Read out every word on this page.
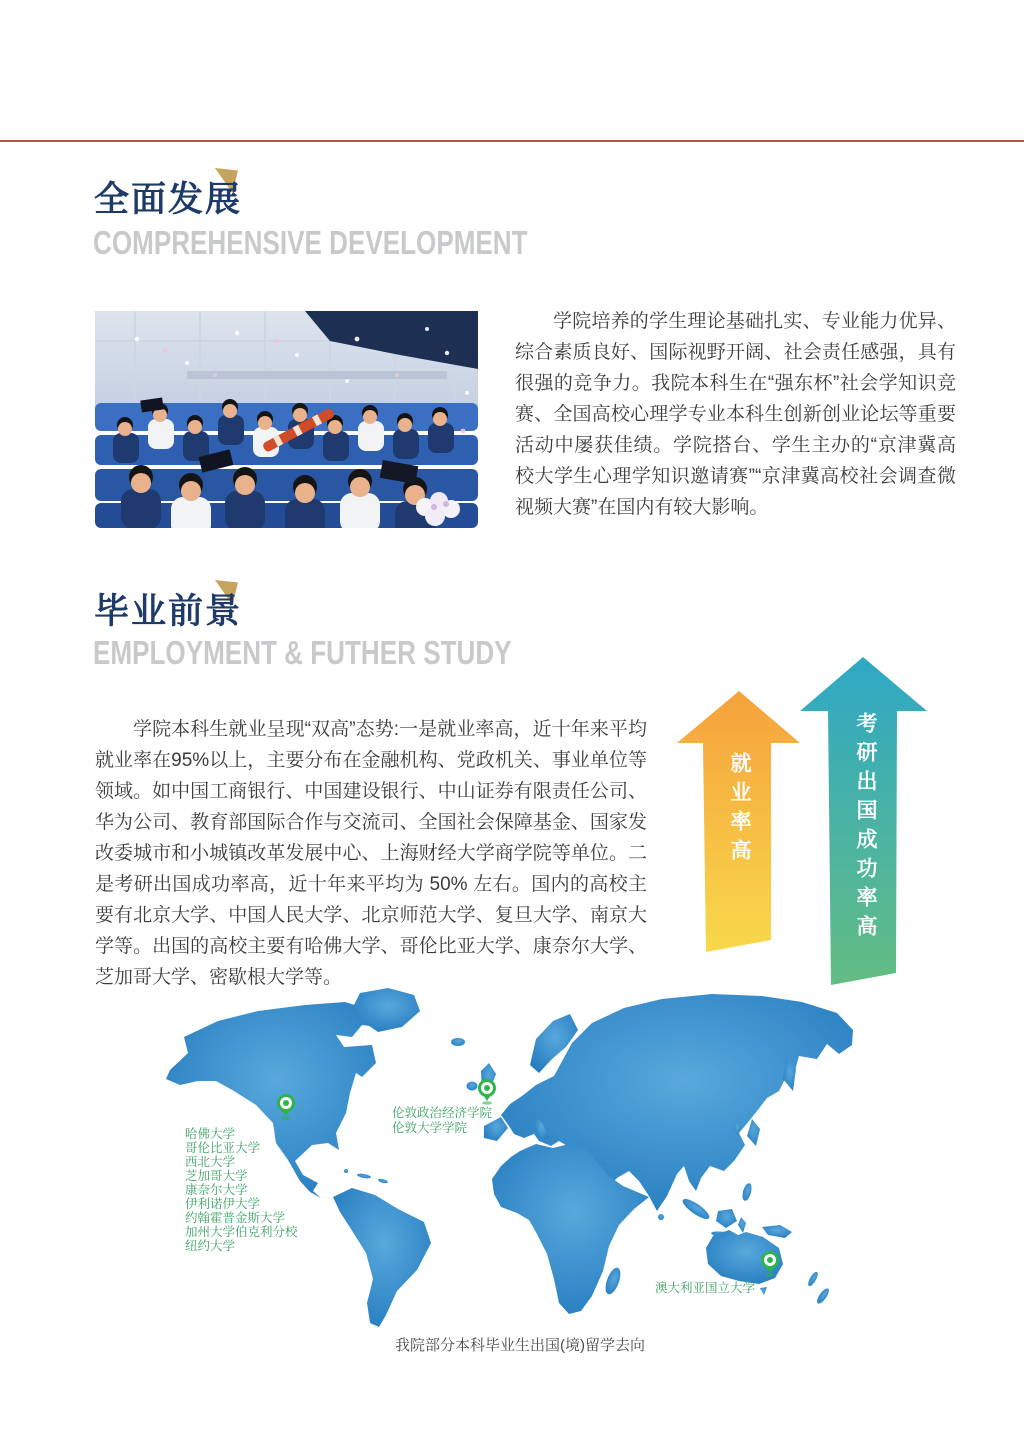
全面发展
COMPREHENSIVE DEVELOPMENT

学院培养的学生理论基础扎实、专业能力优异、综合素质良好、国际视野开阔、社会责任感强，具有很强的竞争力。我院本科生在“强东杯”社会学知识竞赛、全国高校心理学专业本科生创新创业论坛等重要活动中屡获佳绩。学院搭台、学生主办的“京津冀高校大学生心理学知识邀请赛”“京津冀高校社会调查微视频大赛”在国内有较大影响。

毕业前景
EMPLOYMENT & FUTHER STUDY

学院本科生就业呈现“双高”态势:一是就业率高，近十年来平均就业率在95%以上，主要分布在金融机构、党政机关、事业单位等领域。如中国工商银行、中国建设银行、中山证券有限责任公司、华为公司、教育部国际合作与交流司、全国社会保障基金、国家发改委城市和小城镇改革发展中心、上海财经大学商学院等单位。二是考研出国成功率高，近十年来平均为 50% 左右。国内的高校主要有北京大学、中国人民大学、北京师范大学、复旦大学、南京大学等。出国的高校主要有哈佛大学、哥伦比亚大学、康奈尔大学、芝加哥大学、密歇根大学等。

就业率高	考研出国成功率高
哈佛大学
哥伦比亚大学
西北大学
芝加哥大学
康奈尔大学
伊利诺伊大学
约翰霍普金斯大学
加州大学伯克利分校
纽约大学
伦敦政治经济学院
伦敦大学学院
澳大利亚国立大学
我院部分本科毕业生出国(境)留学去向
